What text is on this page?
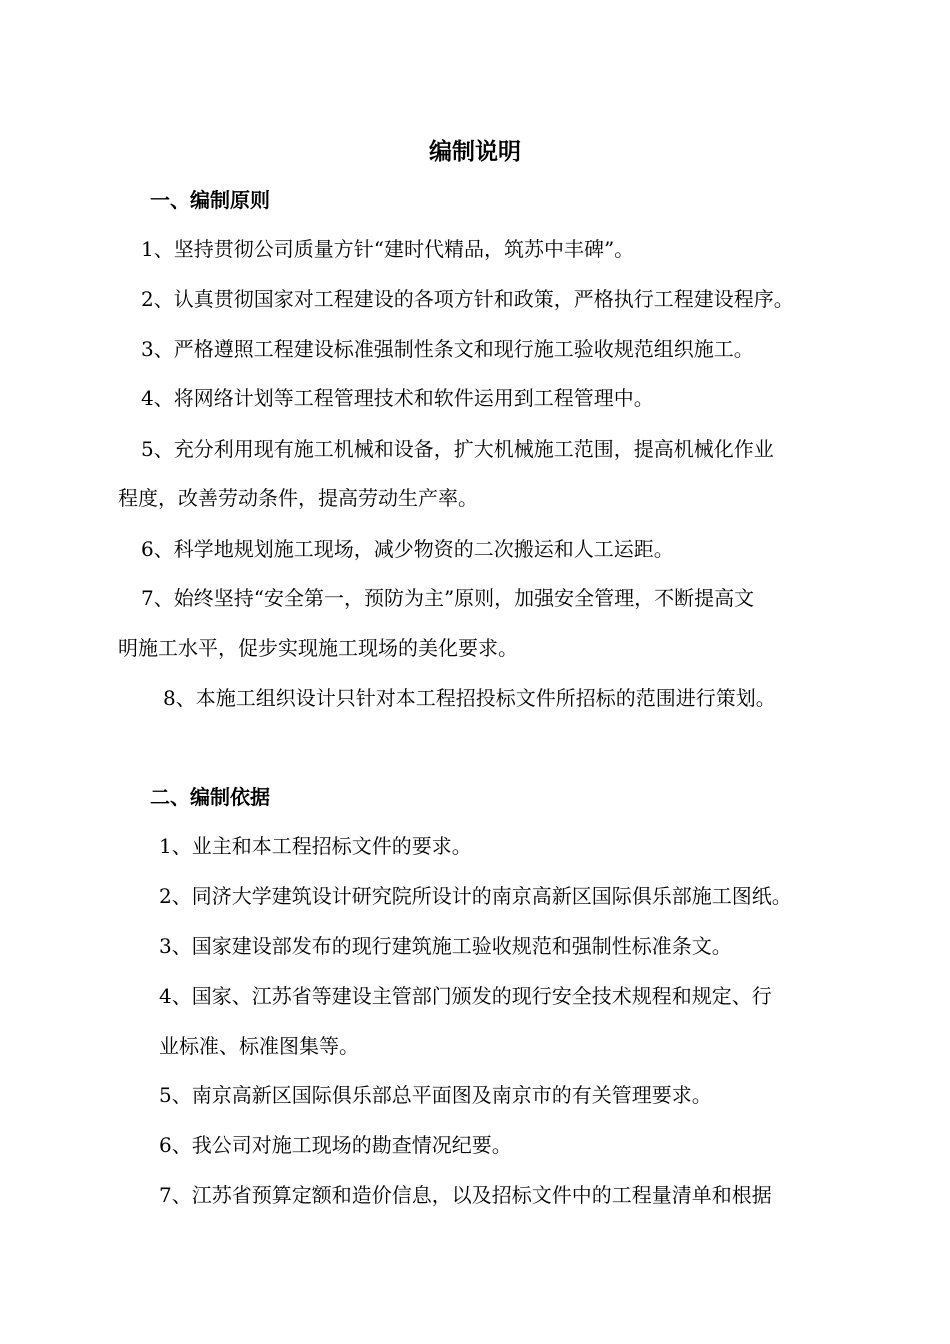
编制说明
一、编制原则
1、坚持贯彻公司质量方针“建时代精品，筑苏中丰碑”。
2、认真贯彻国家对工程建设的各项方针和政策，严格执行工程建设程序。
3、严格遵照工程建设标准强制性条文和现行施工验收规范组织施工。
4、将网络计划等工程管理技术和软件运用到工程管理中。
5、充分利用现有施工机械和设备，扩大机械施工范围，提高机械化作业
程度，改善劳动条件，提高劳动生产率。
6、科学地规划施工现场，减少物资的二次搬运和人工运距。
7、始终坚持“安全第一，预防为主”原则，加强安全管理，不断提高文
明施工水平，促步实现施工现场的美化要求。
8、本施工组织设计只针对本工程招投标文件所招标的范围进行策划。
二、编制依据
1、业主和本工程招标文件的要求。
2、同济大学建筑设计研究院所设计的南京高新区国际俱乐部施工图纸。
3、国家建设部发布的现行建筑施工验收规范和强制性标准条文。
4、国家、江苏省等建设主管部门颁发的现行安全技术规程和规定、行
业标准、标准图集等。
5、南京高新区国际俱乐部总平面图及南京市的有关管理要求。
6、我公司对施工现场的勘查情况纪要。
7、江苏省预算定额和造价信息，以及招标文件中的工程量清单和根据
